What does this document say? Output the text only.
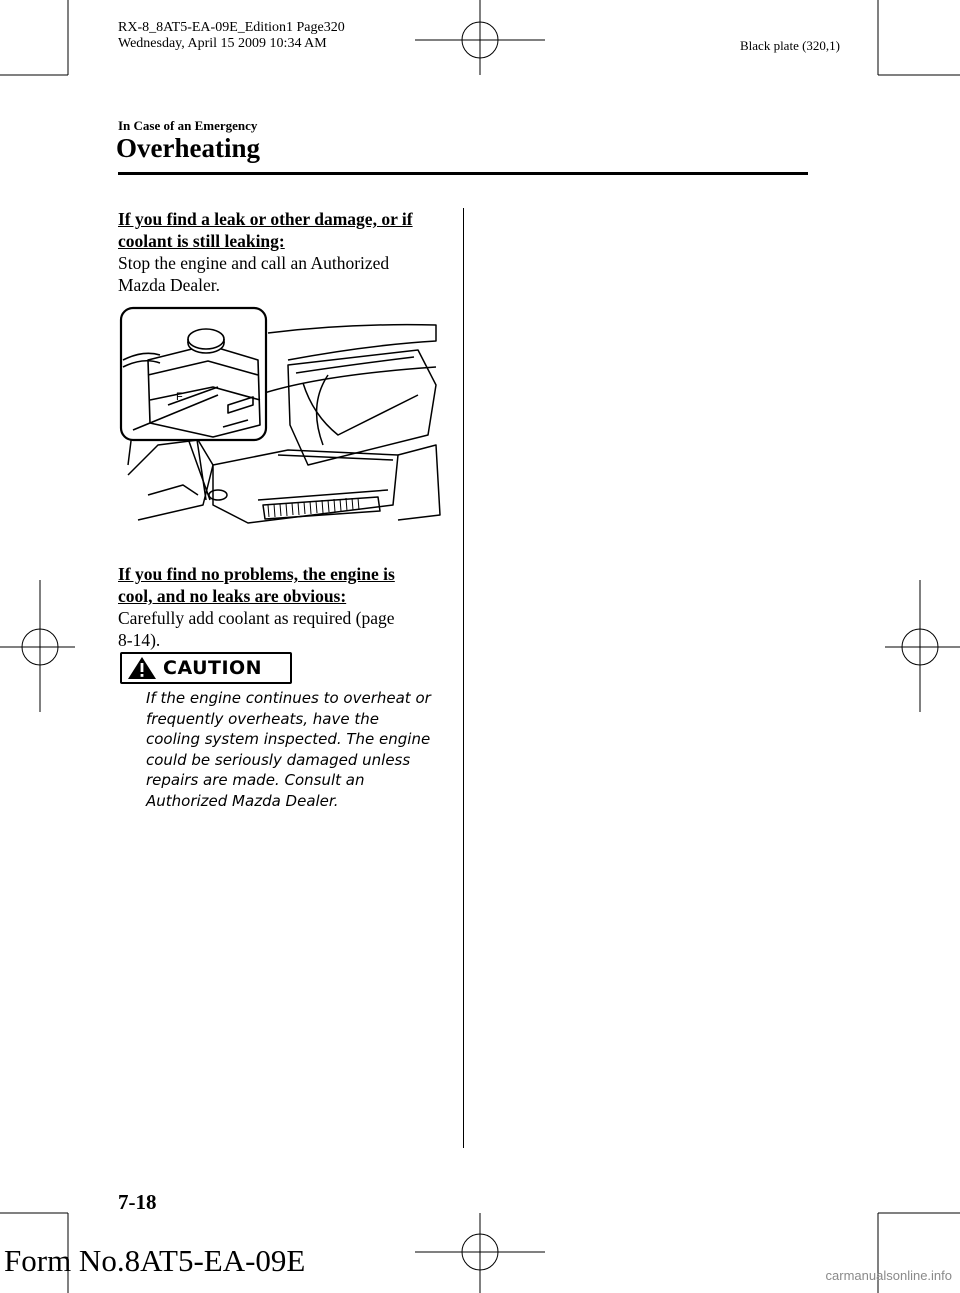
RX-8_8AT5-EA-09E_Edition1 Page320
Wednesday, April 15 2009 10:34 AM	Black plate (320,1)
In Case of an Emergency
Overheating

If you find a leak or other damage, or if
coolant is still leaking:

Stop the engine and call an Authorized
Mazda Dealer.

F

If you find no problems, the engine is
cool, and no leaks are obvious:

Carefully add coolant as required (page
8-14).

CAUTION

If the engine continues to overheat or
frequently overheats, have the
cooling system inspected. The engine
could be seriously damaged unless
repairs are made. Consult an
Authorized Mazda Dealer.

7-18
Form No.8AT5-EA-09E	carmanualsonline.info
